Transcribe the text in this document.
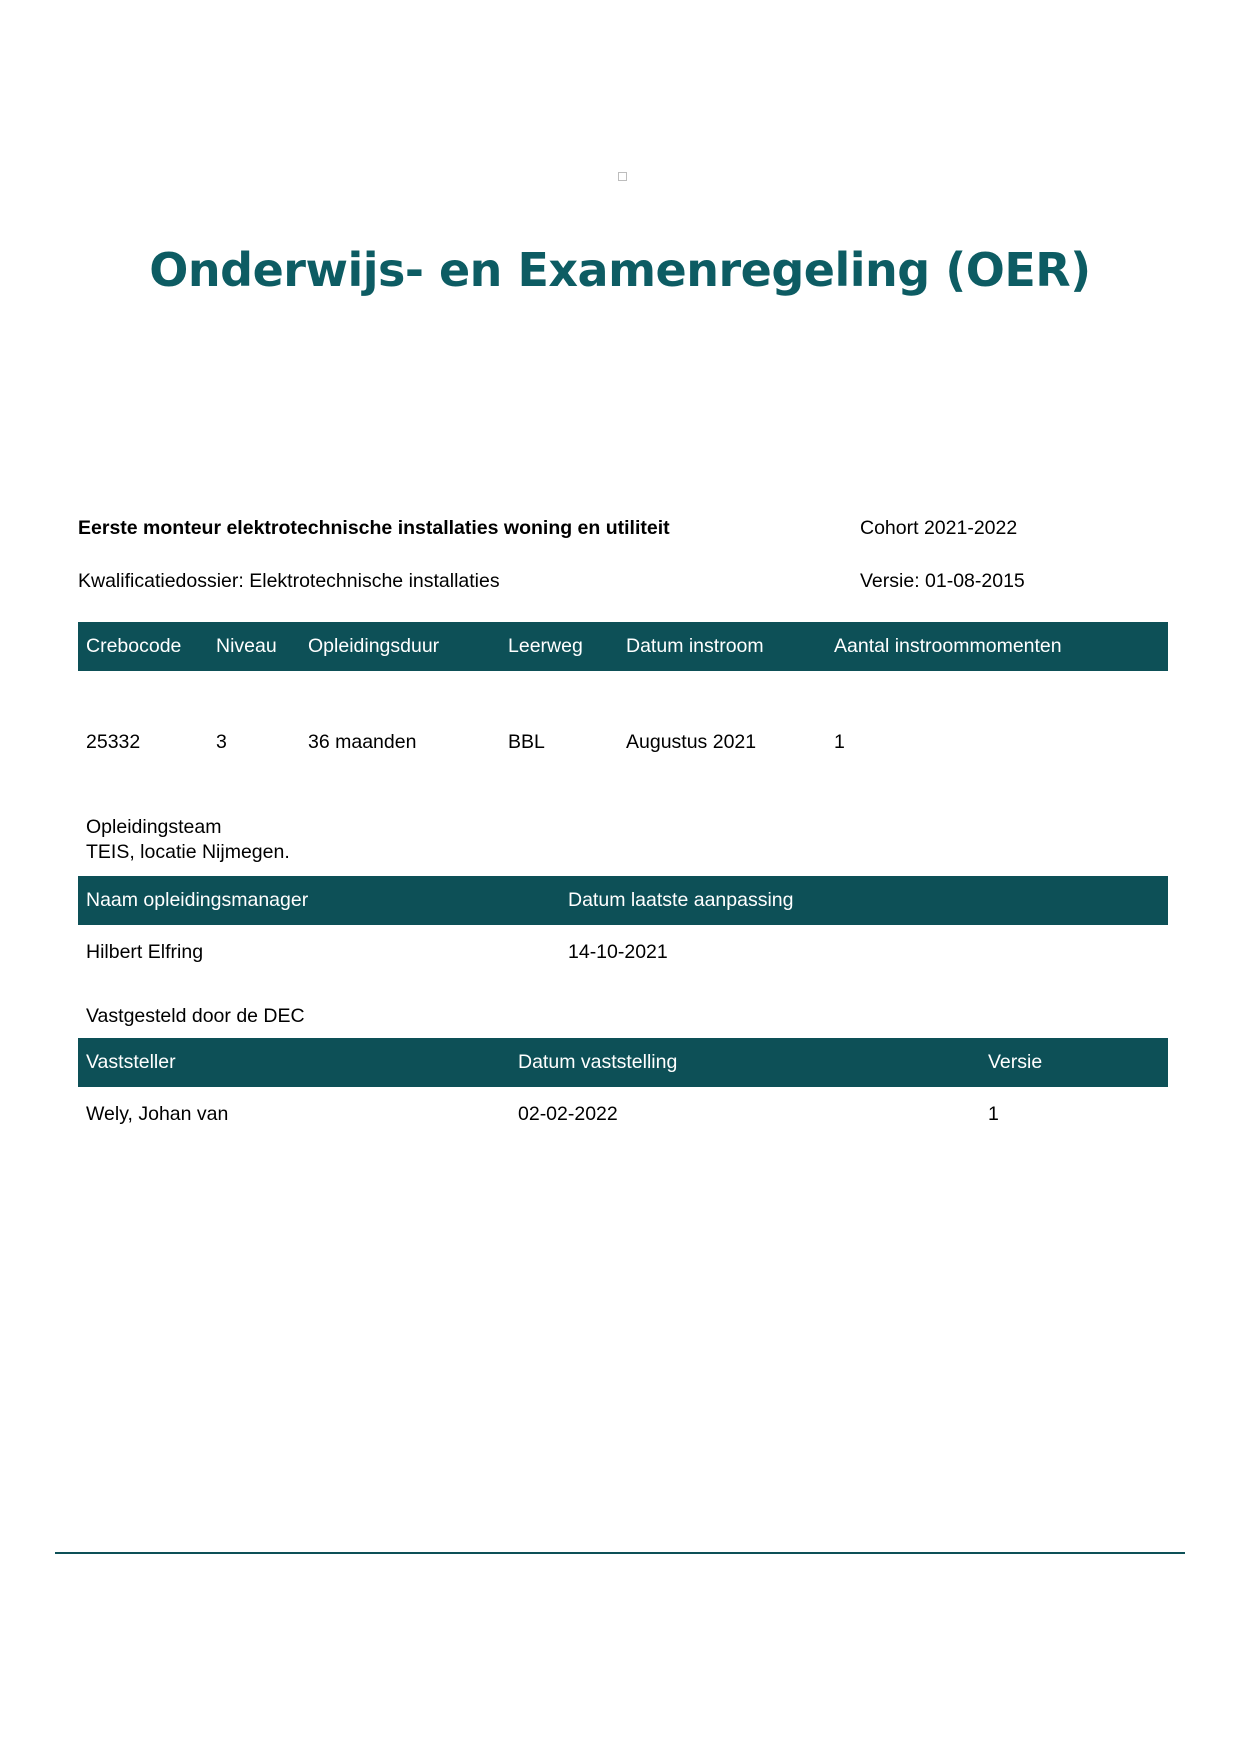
Onderwijs- en Examenregeling (OER)
Eerste monteur elektrotechnische installaties woning en utiliteit	Cohort 2021-2022
Kwalificatiedossier: Elektrotechnische installaties	Versie: 01-08-2015
Crebocode	Niveau	Opleidingsduur	Leerweg	Datum instroom	Aantal instroommomenten
25332	3	36 maanden	BBL	Augustus 2021	1
Opleidingsteam
TEIS, locatie Nijmegen.
Naam opleidingsmanager	Datum laatste aanpassing
Hilbert Elfring	14-10-2021
Vastgesteld door de DEC
Vaststeller	Datum vaststelling	Versie
Wely, Johan van	02-02-2022	1
